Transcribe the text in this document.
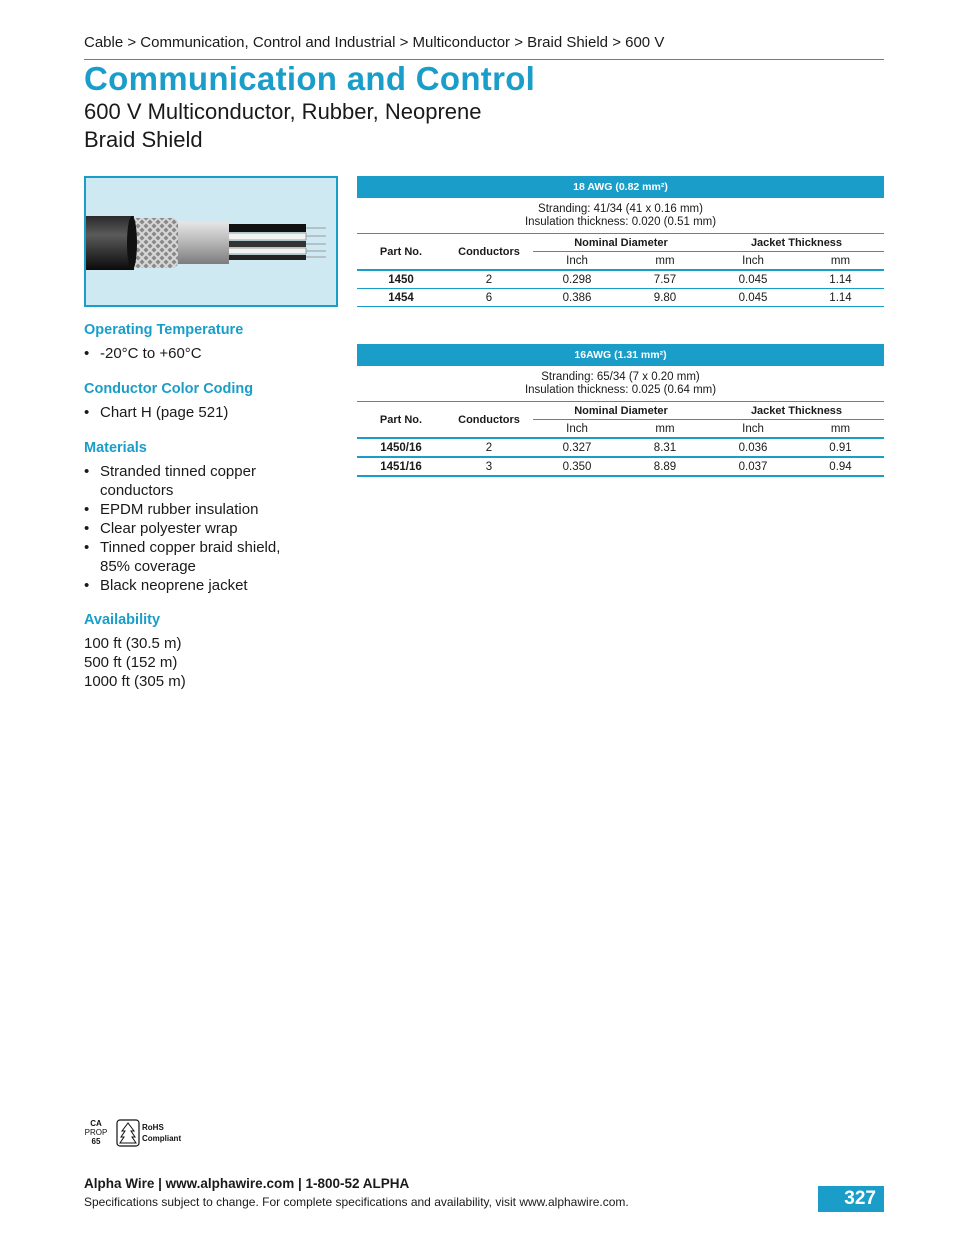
Cable > Communication, Control and Industrial > Multiconductor > Braid Shield > 600 V
Communication and Control
600 V Multiconductor, Rubber, Neoprene
Braid Shield
Operating Temperature
• -20°C to +60°C
Conductor Color Coding
• Chart H (page 521)
Materials
• Stranded tinned copper
conductors
• EPDM rubber insulation
• Clear polyester wrap
• Tinned copper braid shield,
85% coverage
• Black neoprene jacket
Availability
100 ft (30.5 m)
500 ft (152 m)
1000 ft (305 m)
18 AWG (0.82 mm²)
Stranding: 41/34 (41 x 0.16 mm)
Insulation thickness: 0.020 (0.51 mm)
Part No.	Conductors	Nominal Diameter		Jacket Thickness	
		Inch	mm	Inch	mm
1450	2	0.298	7.57	0.045	1.14
1454	6	0.386	9.80	0.045	1.14
16AWG (1.31 mm²)
Stranding: 65/34 (7 x 0.20 mm)
Insulation thickness: 0.025 (0.64 mm)
Part No.	Conductors	Nominal Diameter		Jacket Thickness	
		Inch	mm	Inch	mm
1450/16	2	0.327	8.31	0.036	0.91
1451/16	3	0.350	8.89	0.037	0.94
CA
PROP
65
RoHS
Compliant
Alpha Wire | www.alphawire.com | 1-800-52 ALPHA
Specifications subject to change. For complete specifications and availability, visit www.alphawire.com.	327
